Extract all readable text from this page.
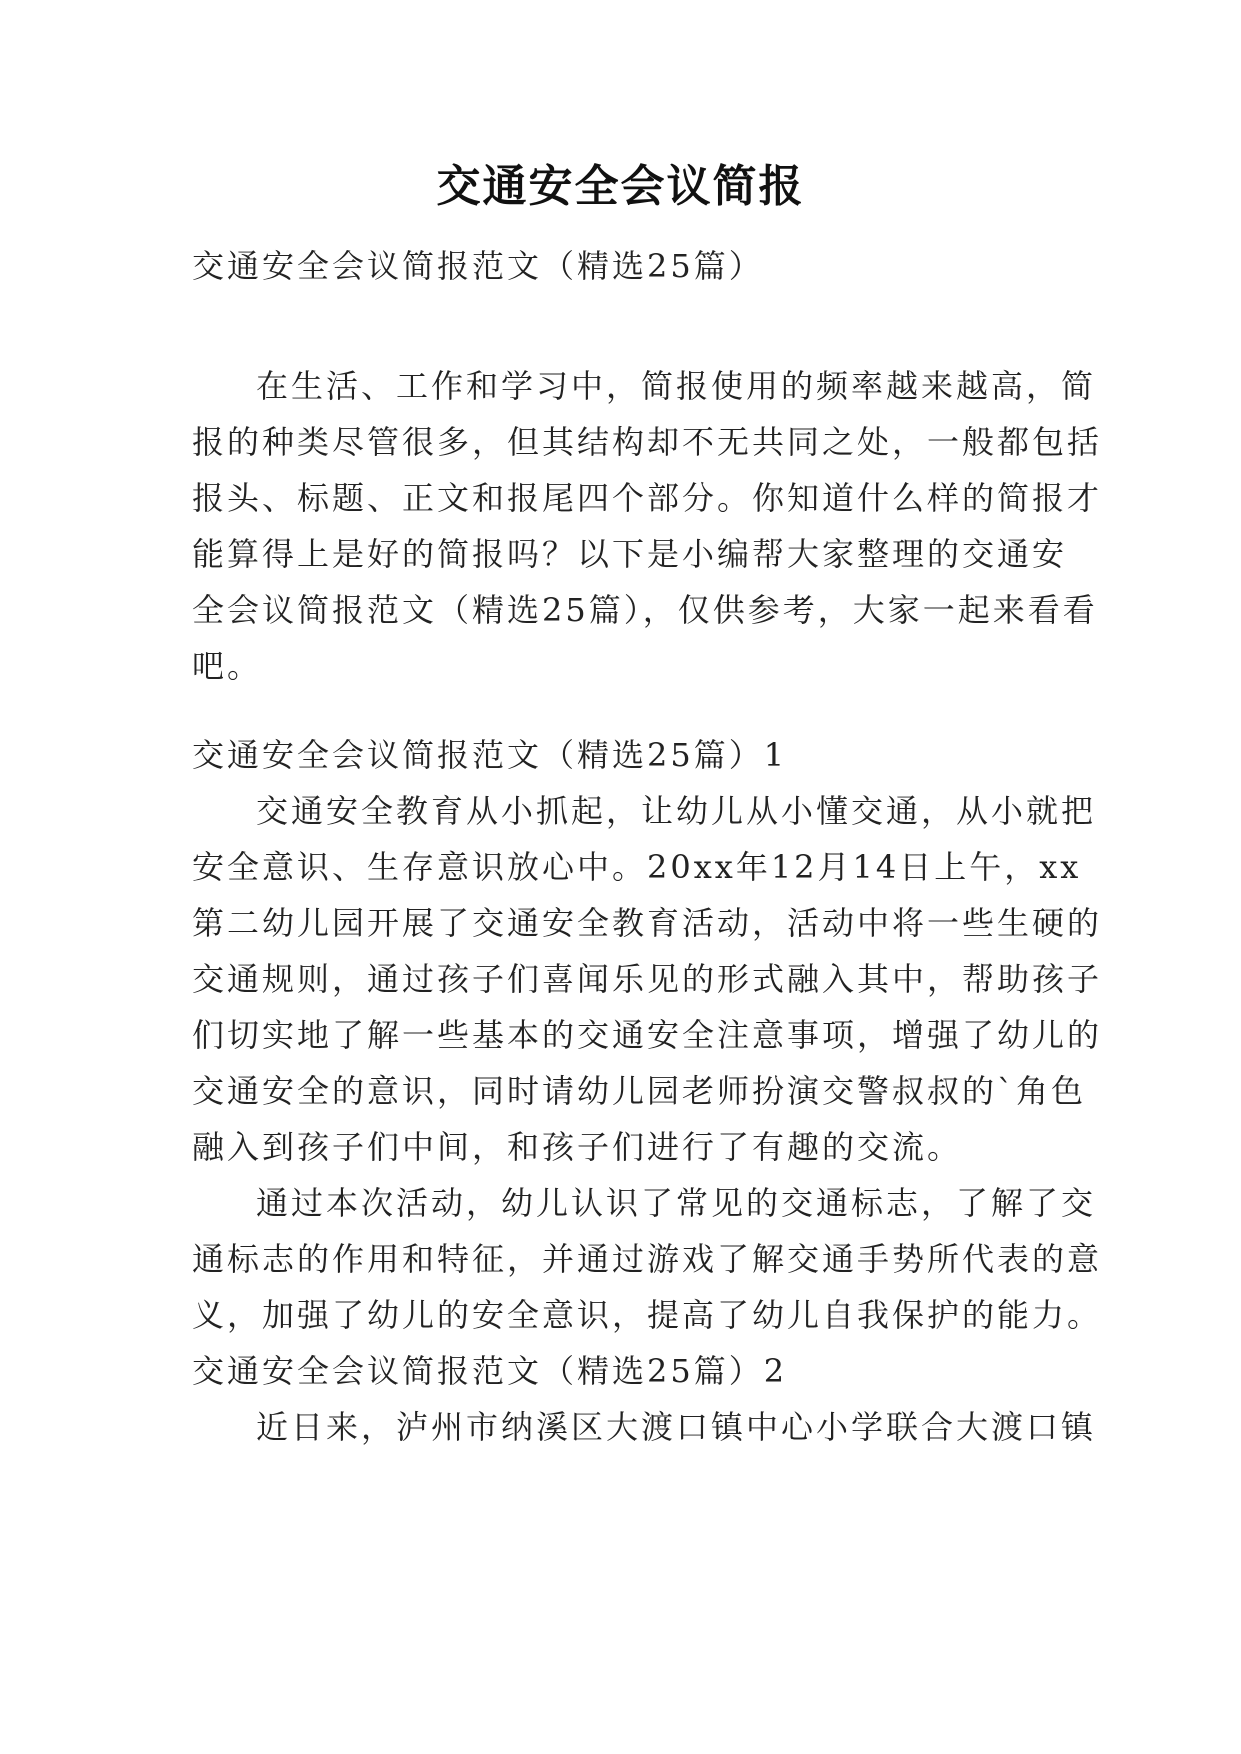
交通安全会议简报
交通安全会议简报范文（精选25篇）
在生活、工作和学习中，简报使用的频率越来越高，简
报的种类尽管很多，但其结构却不无共同之处，一般都包括
报头、标题、正文和报尾四个部分。你知道什么样的简报才
能算得上是好的简报吗？以下是小编帮大家整理的交通安
全会议简报范文（精选25篇），仅供参考，大家一起来看看
吧。
交通安全会议简报范文（精选25篇）1
交通安全教育从小抓起，让幼儿从小懂交通，从小就把
安全意识、生存意识放心中。20xx年12月14日上午，xx
第二幼儿园开展了交通安全教育活动，活动中将一些生硬的
交通规则，通过孩子们喜闻乐见的形式融入其中，帮助孩子
们切实地了解一些基本的交通安全注意事项，增强了幼儿的
交通安全的意识，同时请幼儿园老师扮演交警叔叔的`角色
融入到孩子们中间，和孩子们进行了有趣的交流。
通过本次活动，幼儿认识了常见的交通标志，了解了交
通标志的作用和特征，并通过游戏了解交通手势所代表的意
义，加强了幼儿的安全意识，提高了幼儿自我保护的能力。
交通安全会议简报范文（精选25篇）2
近日来，泸州市纳溪区大渡口镇中心小学联合大渡口镇
